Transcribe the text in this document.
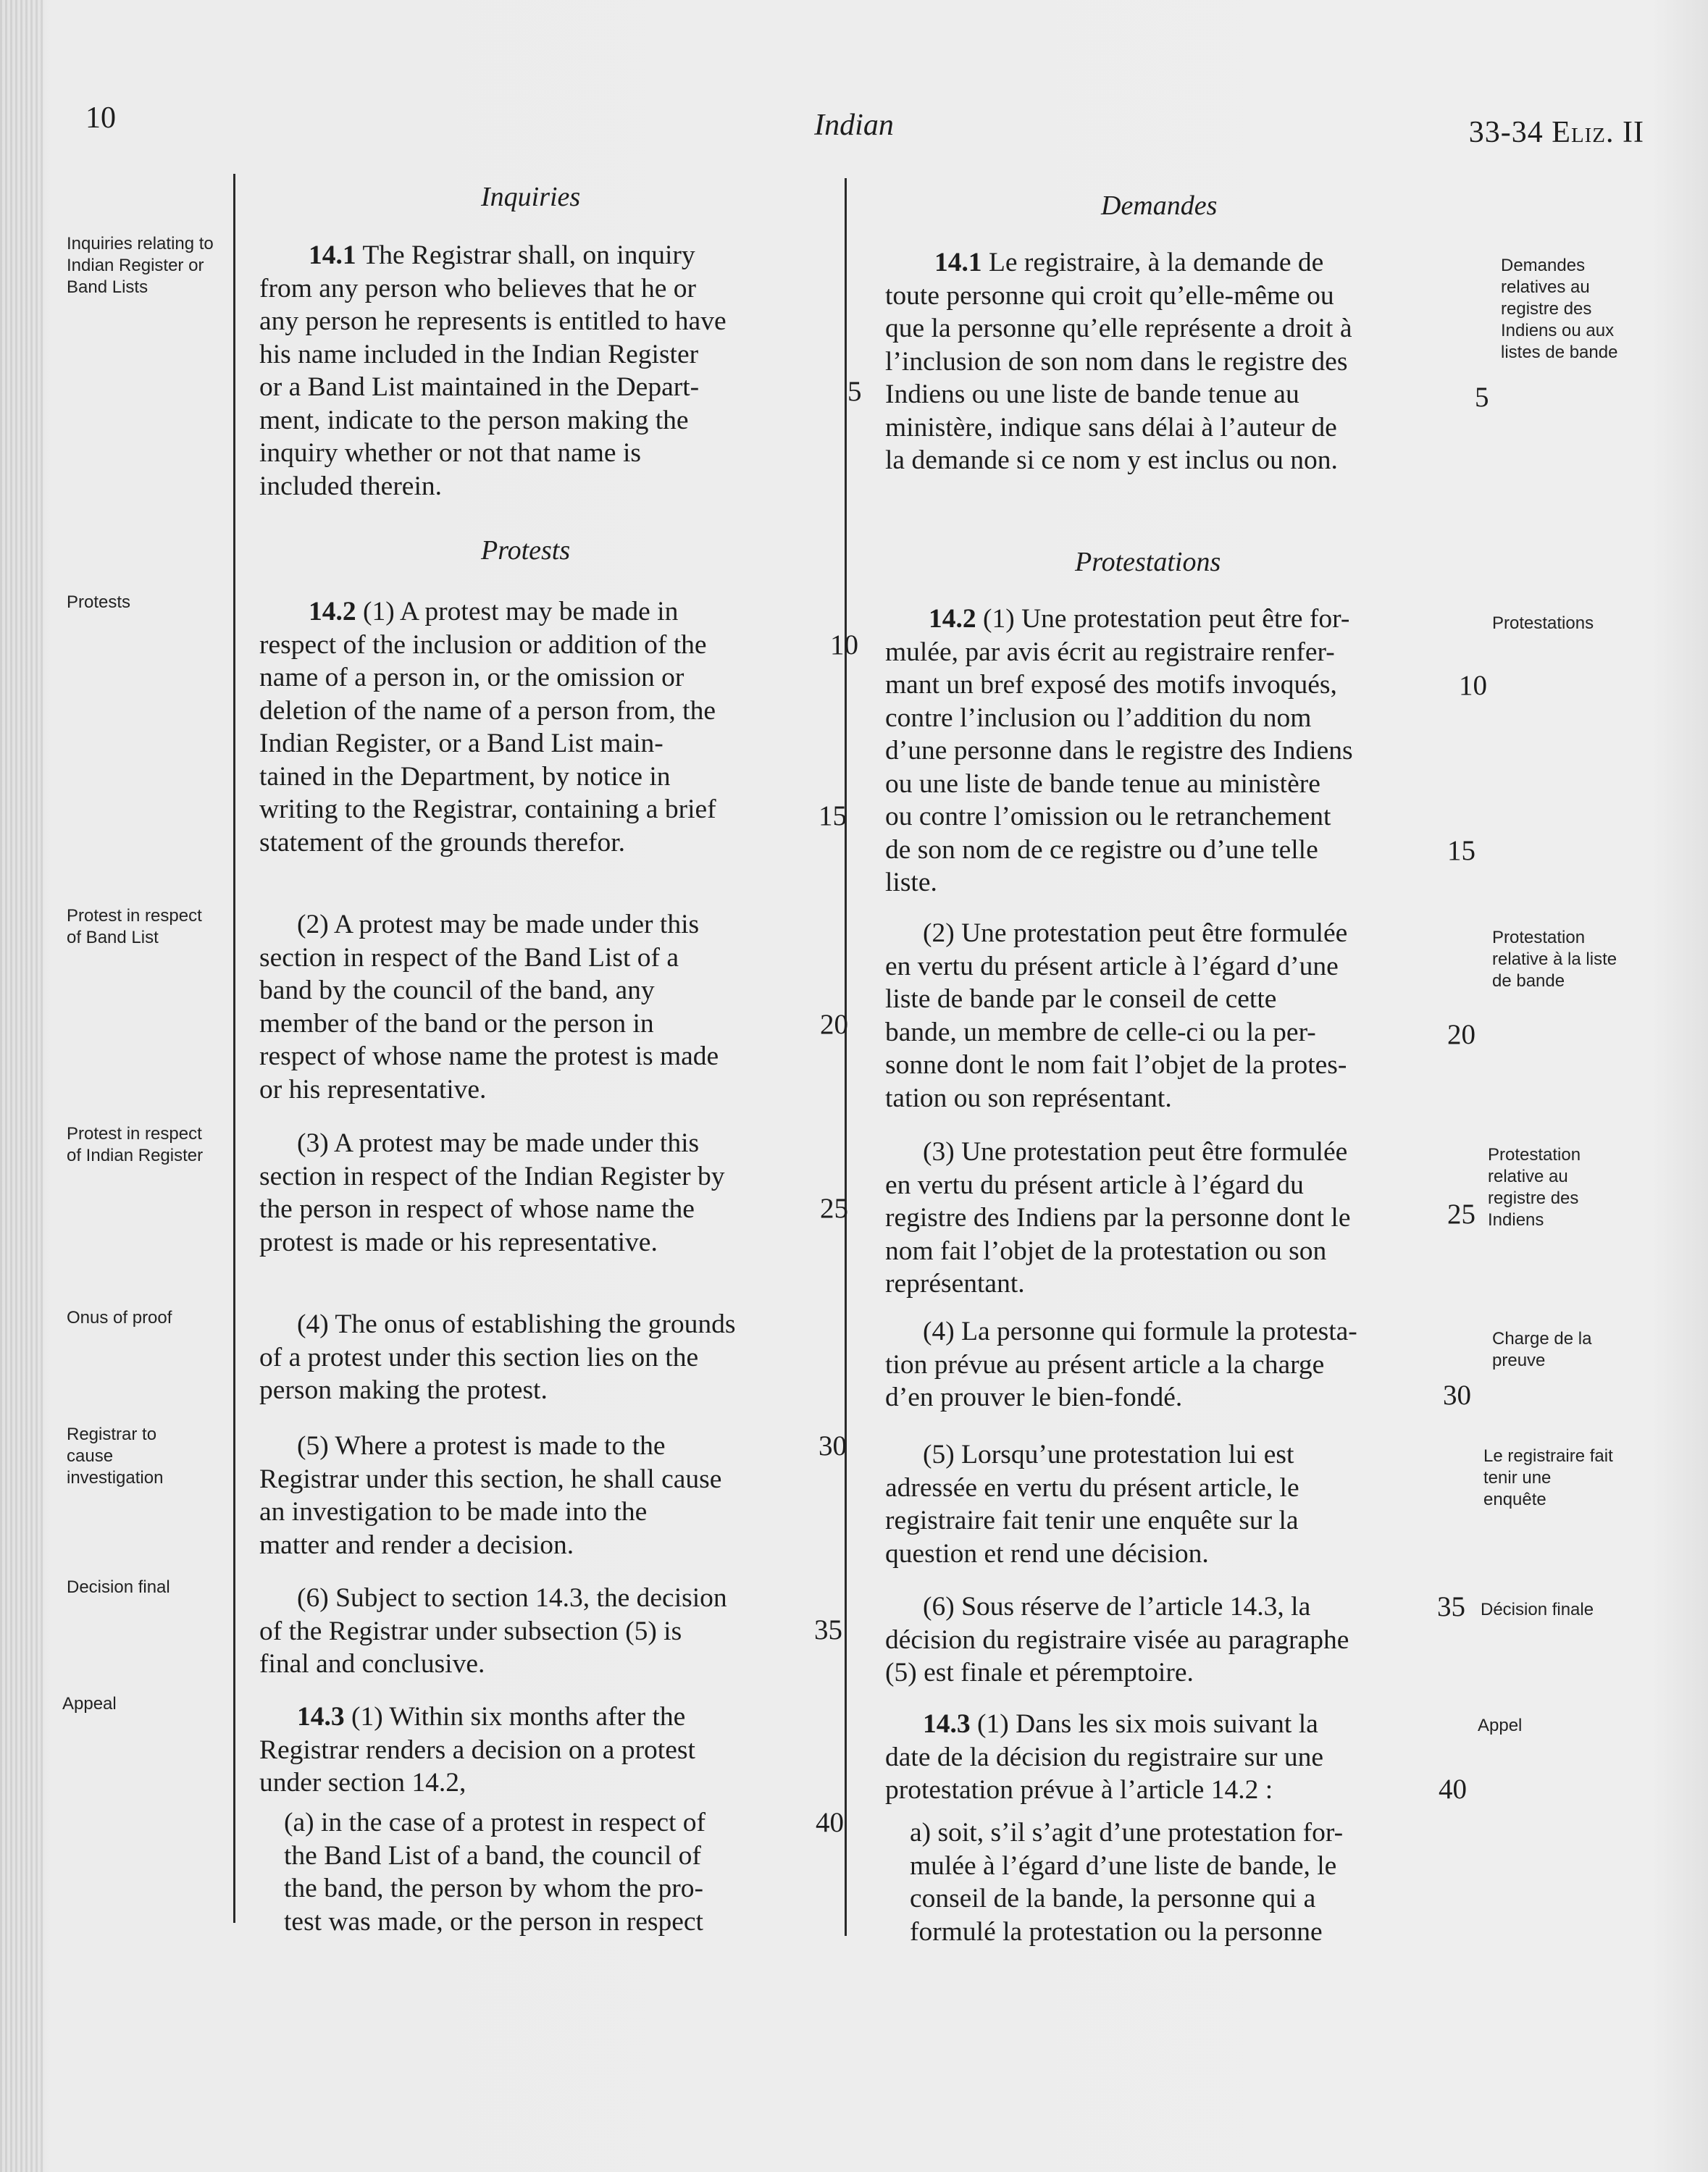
10	Indian	33-34 Eliz. II
Inquiries relating to Indian Register or Band Lists
Protests
Protest in respect of Band List
Protest in respect of Indian Register
Onus of proof
Registrar to cause investigation
Decision final
Appeal
Demandes relatives au registre des Indiens ou aux listes de bande
Protestations
Protestation relative à la liste de bande
Protestation relative au registre des Indiens
Charge de la preuve
Le registraire fait tenir une enquête
Décision finale
Appel
Inquiries
14.1 The Registrar shall, on inquiry
from any person who believes that he or
any person he represents is entitled to have
his name included in the Indian Register
or a Band List maintained in the Depart-
ment, indicate to the person making the
inquiry whether or not that name is
included therein.
Protests
14.2 (1) A protest may be made in
respect of the inclusion or addition of the
name of a person in, or the omission or
deletion of the name of a person from, the
Indian Register, or a Band List main-
tained in the Department, by notice in
writing to the Registrar, containing a brief
statement of the grounds therefor.
(2) A protest may be made under this
section in respect of the Band List of a
band by the council of the band, any
member of the band or the person in
respect of whose name the protest is made
or his representative.
(3) A protest may be made under this
section in respect of the Indian Register by
the person in respect of whose name the
protest is made or his representative.
(4) The onus of establishing the grounds
of a protest under this section lies on the
person making the protest.
(5) Where a protest is made to the
Registrar under this section, he shall cause
an investigation to be made into the
matter and render a decision.
(6) Subject to section 14.3, the decision
of the Registrar under subsection (5) is
final and conclusive.
14.3 (1) Within six months after the
Registrar renders a decision on a protest
under section 14.2,
(a) in the case of a protest in respect of
the Band List of a band, the council of
the band, the person by whom the pro-
test was made, or the person in respect
5
10
15
20
25
30
35
40
Demandes
14.1 Le registraire, à la demande de
toute personne qui croit qu’elle-même ou
que la personne qu’elle représente a droit à
l’inclusion de son nom dans le registre des
Indiens ou une liste de bande tenue au
ministère, indique sans délai à l’auteur de
la demande si ce nom y est inclus ou non.
Protestations
14.2 (1) Une protestation peut être for-
mulée, par avis écrit au registraire renfer-
mant un bref exposé des motifs invoqués,
contre l’inclusion ou l’addition du nom
d’une personne dans le registre des Indiens
ou une liste de bande tenue au ministère
ou contre l’omission ou le retranchement
de son nom de ce registre ou d’une telle
liste.
(2) Une protestation peut être formulée
en vertu du présent article à l’égard d’une
liste de bande par le conseil de cette
bande, un membre de celle-ci ou la per-
sonne dont le nom fait l’objet de la protes-
tation ou son représentant.
(3) Une protestation peut être formulée
en vertu du présent article à l’égard du
registre des Indiens par la personne dont le
nom fait l’objet de la protestation ou son
représentant.
(4) La personne qui formule la protesta-
tion prévue au présent article a la charge
d’en prouver le bien-fondé.
(5) Lorsqu’une protestation lui est
adressée en vertu du présent article, le
registraire fait tenir une enquête sur la
question et rend une décision.
(6) Sous réserve de l’article 14.3, la
décision du registraire visée au paragraphe
(5) est finale et péremptoire.
14.3 (1) Dans les six mois suivant la
date de la décision du registraire sur une
protestation prévue à l’article 14.2 :
a) soit, s’il s’agit d’une protestation for-
mulée à l’égard d’une liste de bande, le
conseil de la bande, la personne qui a
formulé la protestation ou la personne
5
10
15
20
25
30
35
40
